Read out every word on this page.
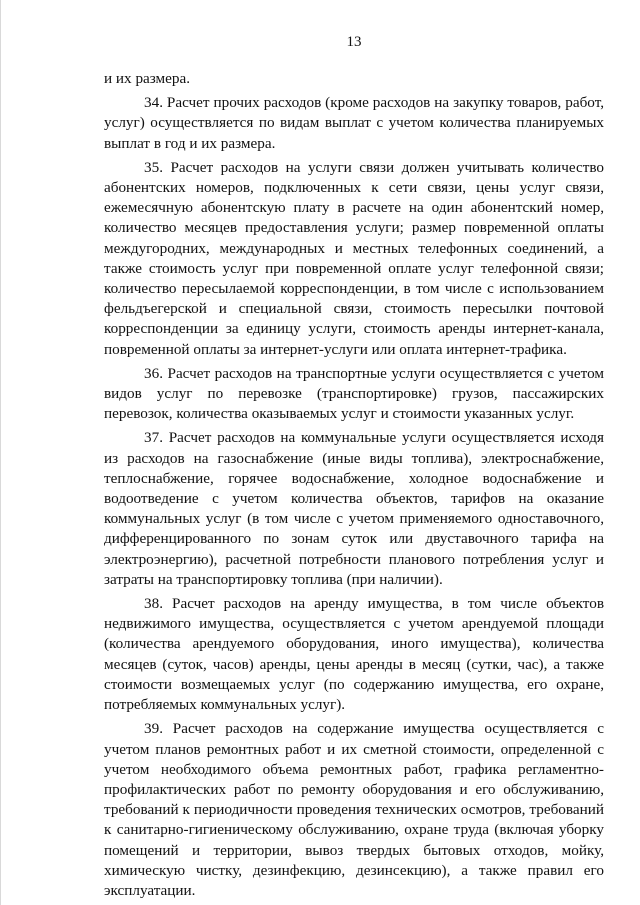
13

и их размера.

34. Расчет прочих расходов (кроме расходов на закупку товаров, работ, услуг) осуществляется по видам выплат с учетом количества планируемых выплат в год и их размера.

35. Расчет расходов на услуги связи должен учитывать количество абонентских номеров, подключенных к сети связи, цены услуг связи, ежемесячную абонентскую плату в расчете на один абонентский номер, количество месяцев предоставления услуги; размер повременной оплаты междугородних, международных и местных телефонных соединений, а также стоимость услуг при повременной оплате услуг телефонной связи; количество пересылаемой корреспонденции, в том числе с использованием фельдъегерской и специальной связи, стоимость пересылки почтовой корреспонденции за единицу услуги, стоимость аренды интернет-канала, повременной оплаты за интернет-услуги или оплата интернет-трафика.

36. Расчет расходов на транспортные услуги осуществляется с учетом видов услуг по перевозке (транспортировке) грузов, пассажирских перевозок, количества оказываемых услуг и стоимости указанных услуг.

37. Расчет расходов на коммунальные услуги осуществляется исходя из расходов на газоснабжение (иные виды топлива), электроснабжение, теплоснабжение, горячее водоснабжение, холодное водоснабжение и водоотведение с учетом количества объектов, тарифов на оказание коммунальных услуг (в том числе с учетом применяемого одноставочного, дифференцированного по зонам суток или двуставочного тарифа на электроэнергию), расчетной потребности планового потребления услуг и затраты на транспортировку топлива (при наличии).

38. Расчет расходов на аренду имущества, в том числе объектов недвижимого имущества, осуществляется с учетом арендуемой площади (количества арендуемого оборудования, иного имущества), количества месяцев (суток, часов) аренды, цены аренды в месяц (сутки, час), а также стоимости возмещаемых услуг (по содержанию имущества, его охране, потребляемых коммунальных услуг).

39. Расчет расходов на содержание имущества осуществляется с учетом планов ремонтных работ и их сметной стоимости, определенной с учетом необходимого объема ремонтных работ, графика регламентно-профилактических работ по ремонту оборудования и его обслуживанию, требований к периодичности проведения технических осмотров, требований к санитарно-гигиеническому обслуживанию, охране труда (включая уборку помещений и территории, вывоз твердых бытовых отходов, мойку, химическую чистку, дезинфекцию, дезинсекцию), а также правил его эксплуатации.
